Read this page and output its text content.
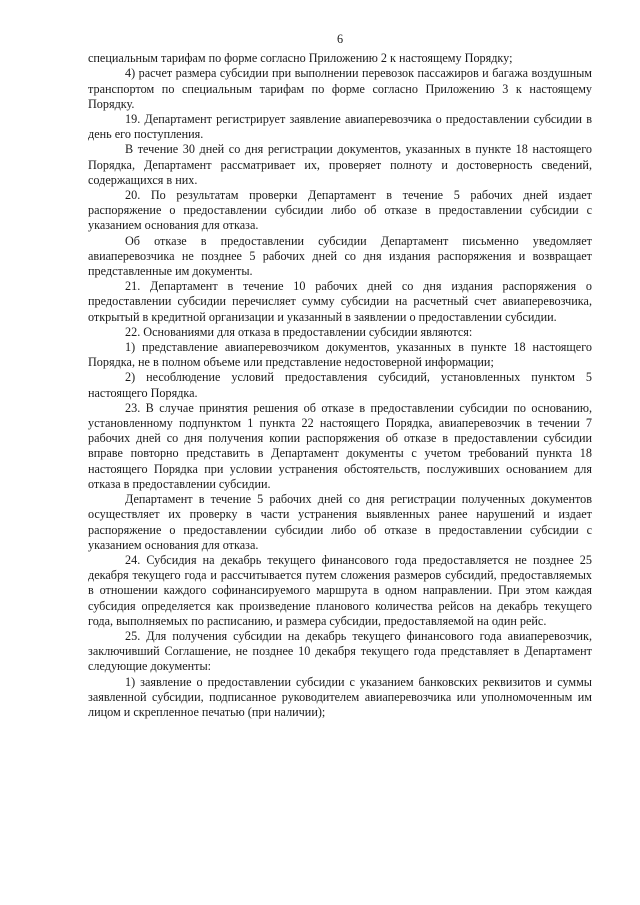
6

специальным тарифам по форме согласно Приложению 2 к настоящему Порядку;

4) расчет размера субсидии при выполнении перевозок пассажиров и багажа воздушным транспортом по специальным тарифам по форме согласно Приложению 3 к настоящему Порядку.

19. Департамент регистрирует заявление авиаперевозчика о предоставлении субсидии в день его поступления.

В течение 30 дней со дня регистрации документов, указанных в пункте 18 настоящего Порядка, Департамент рассматривает их, проверяет полноту и достоверность сведений, содержащихся в них.

20. По результатам проверки Департамент в течение 5 рабочих дней издает распоряжение о предоставлении субсидии либо об отказе в предоставлении субсидии с указанием основания для отказа.

Об отказе в предоставлении субсидии Департамент письменно уведомляет авиаперевозчика не позднее 5 рабочих дней со дня издания распоряжения и возвращает представленные им документы.

21. Департамент в течение 10 рабочих дней со дня издания распоряжения о предоставлении субсидии перечисляет сумму субсидии на расчетный счет авиаперевозчика, открытый в кредитной организации и указанный в заявлении о предоставлении субсидии.

22. Основаниями для отказа в предоставлении субсидии являются:

1) представление авиаперевозчиком документов, указанных в пункте 18 настоящего Порядка, не в полном объеме или представление недостоверной информации;

2) несоблюдение условий предоставления субсидий, установленных пунктом 5 настоящего Порядка.

23. В случае принятия решения об отказе в предоставлении субсидии по основанию, установленному подпунктом 1 пункта 22 настоящего Порядка, авиаперевозчик в течении 7 рабочих дней со дня получения копии распоряжения об отказе в предоставлении субсидии вправе повторно представить в Департамент документы с учетом требований пункта 18 настоящего Порядка при условии устранения обстоятельств, послуживших основанием для отказа в предоставлении субсидии.

Департамент в течение 5 рабочих дней со дня регистрации полученных документов осуществляет их проверку в части устранения выявленных ранее нарушений и издает распоряжение о предоставлении субсидии либо об отказе в предоставлении субсидии с указанием основания для отказа.

24. Субсидия на декабрь текущего финансового года предоставляется не позднее 25 декабря текущего года и рассчитывается путем сложения размеров субсидий, предоставляемых в отношении каждого софинансируемого маршрута в одном направлении. При этом каждая субсидия определяется как произведение планового количества рейсов на декабрь текущего года, выполняемых по расписанию, и размера субсидии, предоставляемой на один рейс.

25. Для получения субсидии на декабрь текущего финансового года авиаперевозчик, заключивший Соглашение, не позднее 10 декабря текущего года представляет в Департамент следующие документы:

1) заявление о предоставлении субсидии с указанием банковских реквизитов и суммы заявленной субсидии, подписанное руководителем авиаперевозчика или уполномоченным им лицом и скрепленное печатью (при наличии);
